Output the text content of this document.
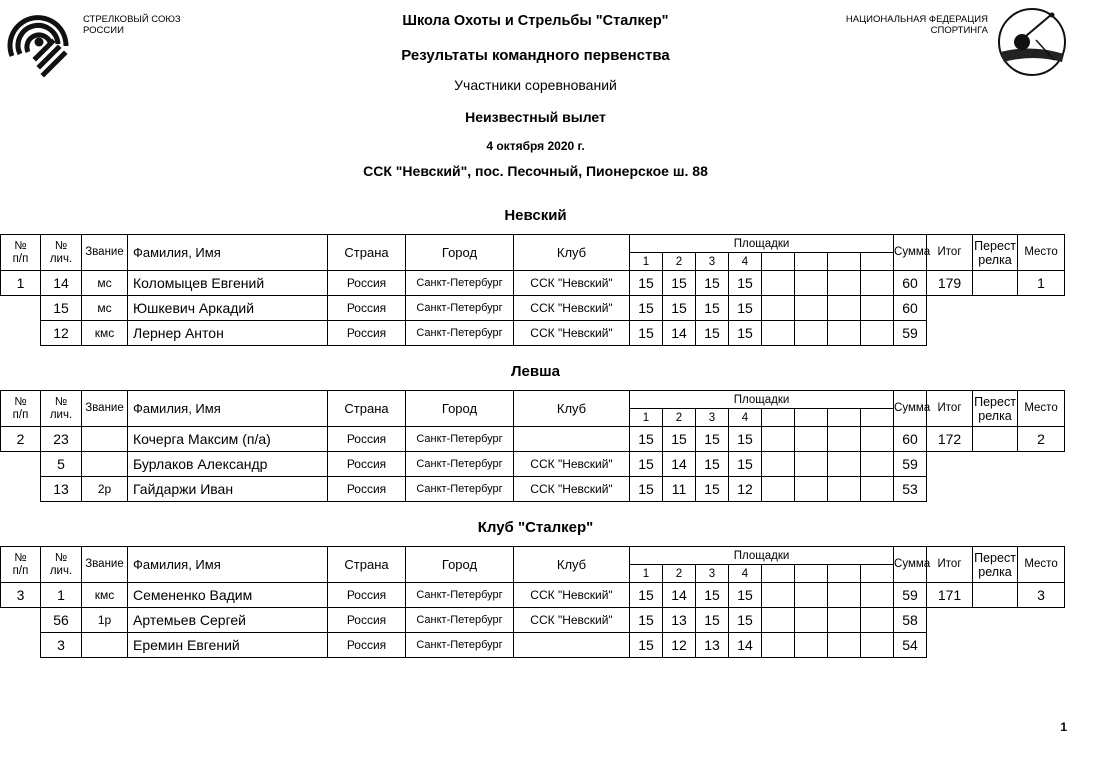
СТРЕЛКОВЫЙ СОЮЗ
РОССИИ
НАЦИОНАЛЬНАЯ ФЕДЕРАЦИЯ
СПОРТИНГА
Школа Охоты и Стрельбы "Сталкер"
Результаты командного первенства
Участники соревнований
Неизвестный вылет
4 октября 2020 г.
ССК "Невский", пос. Песочный, Пионерское ш. 88
Невский
№
п/п	№
лич.	Звание	Фамилия, Имя	Страна	Город	Клуб	Площадки								Сумма	Итог	Перест
релка	Место
							1	2	3	4								
1	14	мс	Коломыцев Евгений	Россия	Санкт-Петербург	ССК "Невский"	15	15	15	15					60	179		1
	15	мс	Юшкевич Аркадий	Россия	Санкт-Петербург	ССК "Невский"	15	15	15	15					60			
	12	кмс	Лернер Антон	Россия	Санкт-Петербург	ССК "Невский"	15	14	15	15					59			
Левша
№
п/п	№
лич.	Звание	Фамилия, Имя	Страна	Город	Клуб	Площадки								Сумма	Итог	Перест
релка	Место
							1	2	3	4								
2	23		Кочерга Максим (п/а)	Россия	Санкт-Петербург		15	15	15	15					60	172		2
	5		Бурлаков Александр	Россия	Санкт-Петербург	ССК "Невский"	15	14	15	15					59			
	13	2р	Гайдаржи Иван	Россия	Санкт-Петербург	ССК "Невский"	15	11	15	12					53			
Клуб "Сталкер"
№
п/п	№
лич.	Звание	Фамилия, Имя	Страна	Город	Клуб	Площадки								Сумма	Итог	Перест
релка	Место
							1	2	3	4								
3	1	кмс	Семененко Вадим	Россия	Санкт-Петербург	ССК "Невский"	15	14	15	15					59	171		3
	56	1р	Артемьев Сергей	Россия	Санкт-Петербург	ССК "Невский"	15	13	15	15					58			
	3		Еремин Евгений	Россия	Санкт-Петербург		15	12	13	14					54			
1
